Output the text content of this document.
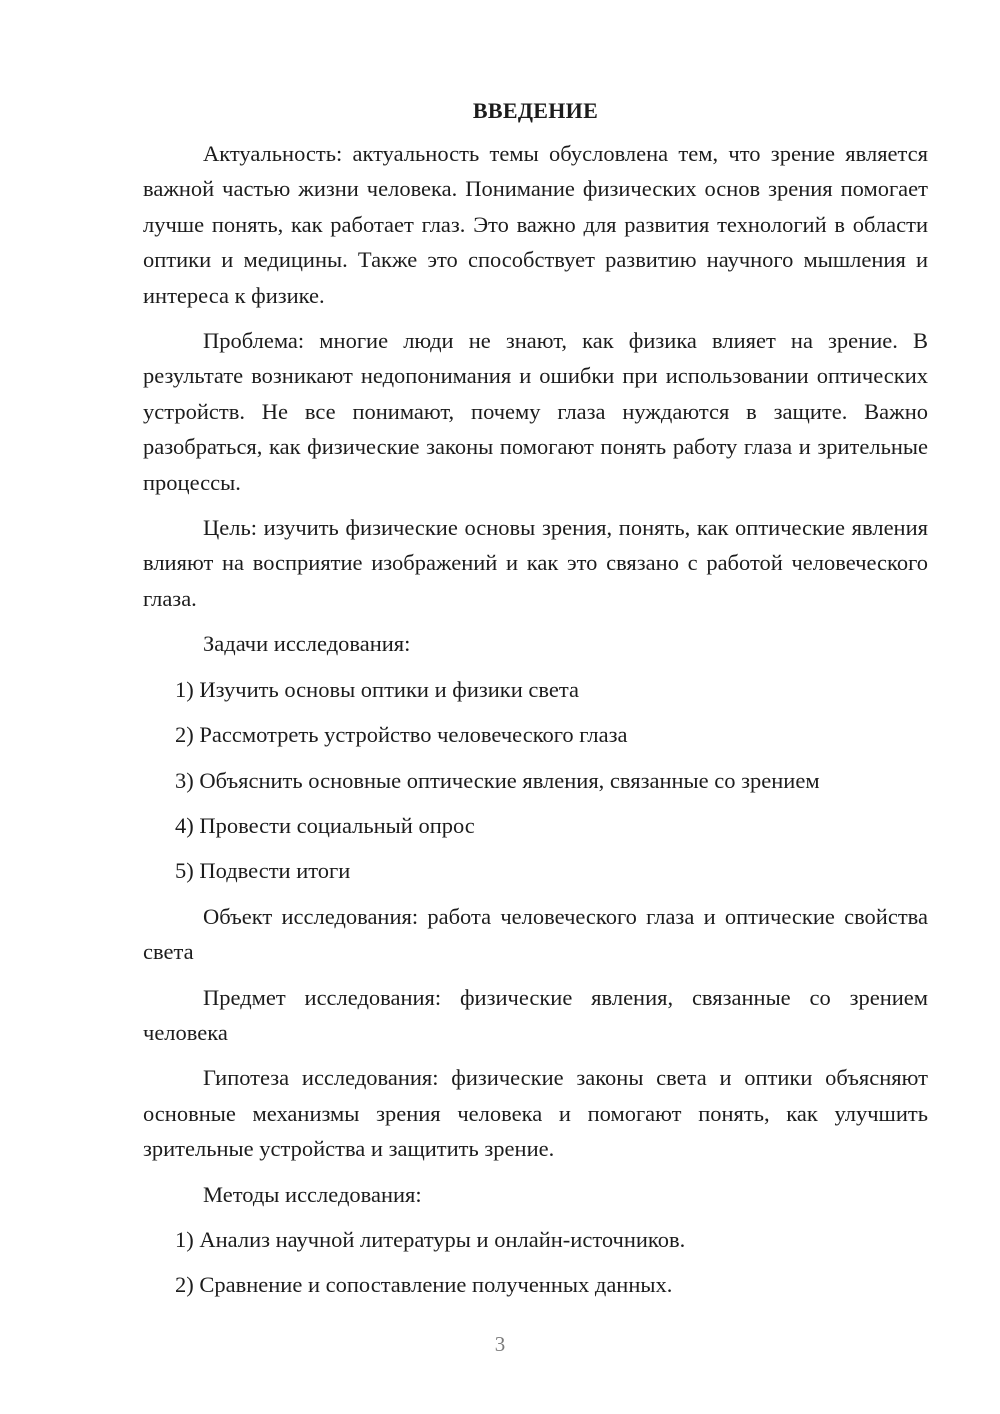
ВВЕДЕНИЕ

Актуальность: актуальность темы обусловлена тем, что зрение является важной частью жизни человека. Понимание физических основ зрения помогает лучше понять, как работает глаз. Это важно для развития технологий в области оптики и медицины. Также это способствует развитию научного мышления и интереса к физике.

Проблема: многие люди не знают, как физика влияет на зрение. В результате возникают недопонимания и ошибки при использовании оптических устройств. Не все понимают, почему глаза нуждаются в защите. Важно разобраться, как физические законы помогают понять работу глаза и зрительные процессы.

Цель: изучить физические основы зрения, понять, как оптические явления влияют на восприятие изображений и как это связано с работой человеческого глаза.

Задачи исследования:

1) Изучить основы оптики и физики света
2) Рассмотреть устройство человеческого глаза
3) Объяснить основные оптические явления, связанные со зрением
4) Провести социальный опрос
5) Подвести итоги

Объект исследования: работа человеческого глаза и оптические свойства света

Предмет исследования: физические явления, связанные со зрением человека

Гипотеза исследования: физические законы света и оптики объясняют основные механизмы зрения человека и помогают понять, как улучшить зрительные устройства и защитить зрение.

Методы исследования:

1) Анализ научной литературы и онлайн-источников.
2) Сравнение и сопоставление полученных данных.
3
